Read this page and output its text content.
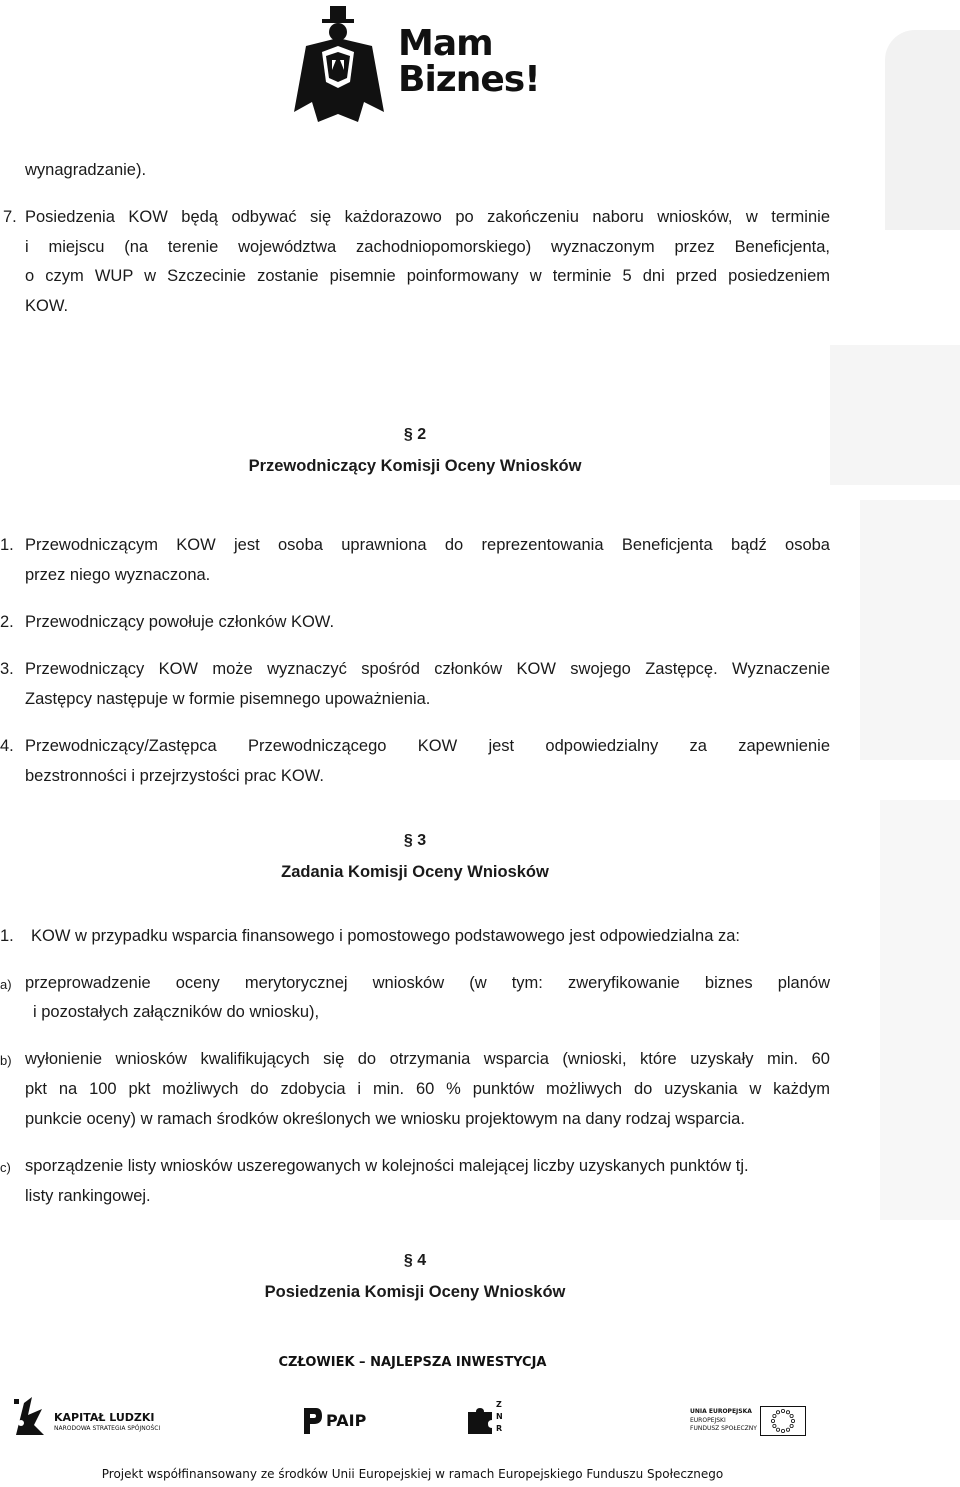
Mam
Biznes!
wynagradzanie).
7. Posiedzenia KOW będą odbywać się każdorazowo po zakończeniu naboru wniosków, w terminie
i miejscu (na terenie województwa zachodniopomorskiego) wyznaczonym przez Beneficjenta,
o czym WUP w Szczecinie zostanie pisemnie poinformowany w terminie 5 dni przed posiedzeniem
KOW.
§ 2
Przewodniczący Komisji Oceny Wniosków
1. Przewodniczącym KOW jest osoba uprawniona do reprezentowania Beneficjenta bądź osoba
przez niego wyznaczona.
2. Przewodniczący powołuje członków KOW.
3. Przewodniczący KOW może wyznaczyć spośród członków KOW swojego Zastępcę. Wyznaczenie
Zastępcy następuje w formie pisemnego upoważnienia.
4. Przewodniczący/Zastępca Przewodniczącego KOW jest odpowiedzialny za zapewnienie
bezstronności i przejrzystości prac KOW.
§ 3
Zadania Komisji Oceny Wniosków
1. KOW w przypadku wsparcia finansowego i pomostowego podstawowego jest odpowiedzialna za:
a) przeprowadzenie oceny merytorycznej wniosków (w tym: zweryfikowanie biznes planów
i pozostałych załączników do wniosku),
b) wyłonienie wniosków kwalifikujących się do otrzymania wsparcia (wnioski, które uzyskały min. 60
pkt na 100 pkt możliwych do zdobycia i min. 60 % punktów możliwych do uzyskania w każdym
punkcie oceny) w ramach środków określonych we wniosku projektowym na dany rodzaj wsparcia.
c) sporządzenie listy wniosków uszeregowanych w kolejności malejącej liczby uzyskanych punktów tj.
listy rankingowej.
§ 4
Posiedzenia Komisji Oceny Wniosków
CZŁOWIEK – NAJLEPSZA INWESTYCJA
KAPITAŁ LUDZKI
NARODOWA STRATEGIA SPÓJNOŚCI	PAIP
Z
N
R
UNIA EUROPEJSKA
EUROPEJSKI
FUNDUSZ SPOŁECZNY
Projekt współfinansowany ze środków Unii Europejskiej w ramach Europejskiego Funduszu Społecznego
